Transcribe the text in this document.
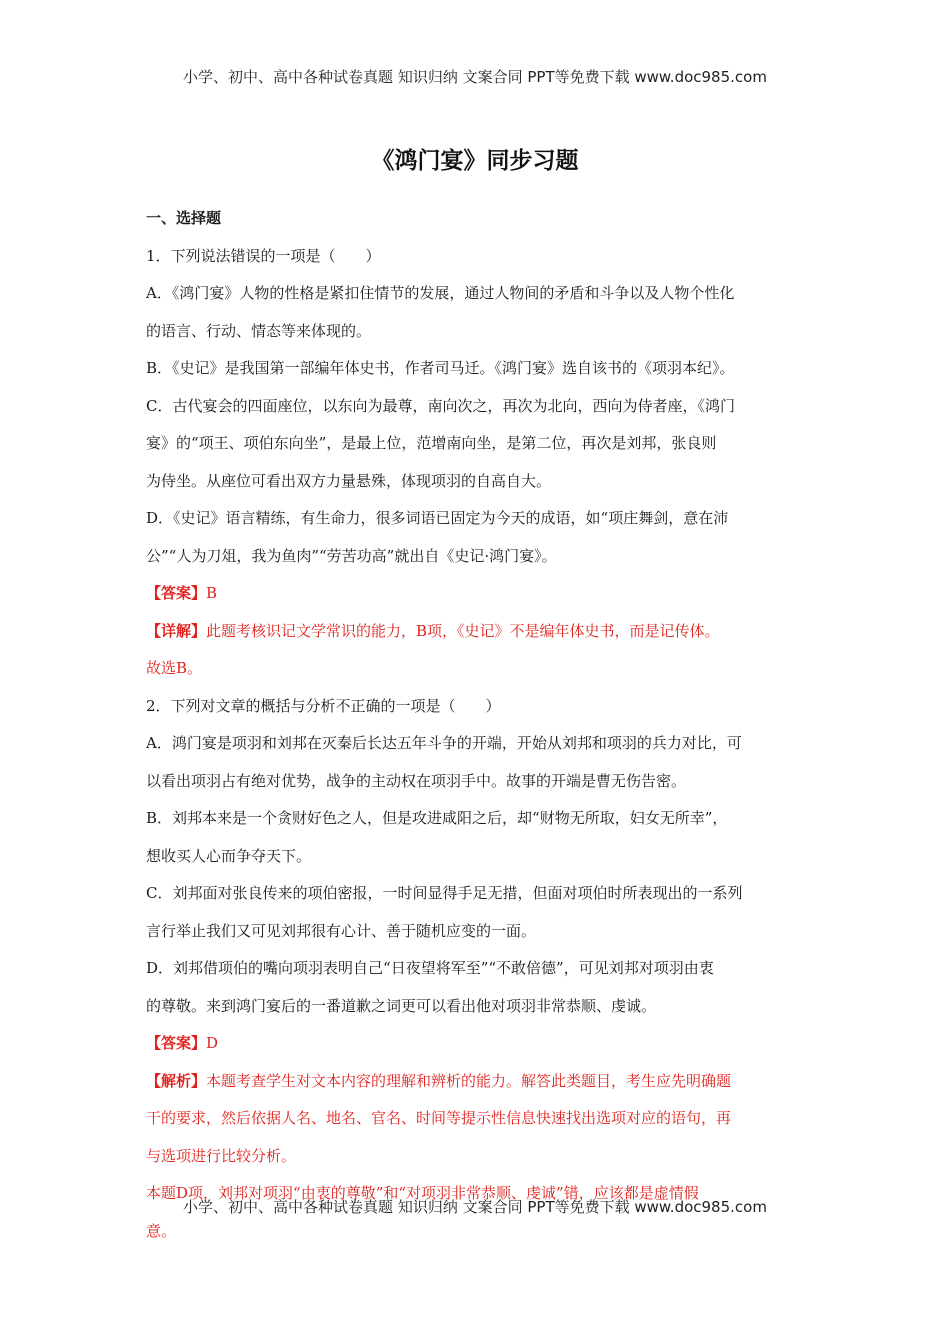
小学、初中、高中各种试卷真题 知识归纳 文案合同 PPT等免费下载 www.doc985.com
《鸿门宴》同步习题
一、选择题
1．下列说法错误的一项是（　　）
A．《鸿门宴》人物的性格是紧扣住情节的发展，通过人物间的矛盾和斗争以及人物个性化
的语言、行动、情态等来体现的。
B．《史记》是我国第一部编年体史书，作者司马迁。《鸿门宴》选自该书的《项羽本纪》。
C．古代宴会的四面座位，以东向为最尊，南向次之，再次为北向，西向为侍者座，《鸿门
宴》的“项王、项伯东向坐”，是最上位，范增南向坐，是第二位，再次是刘邦，张良则
为侍坐。从座位可看出双方力量悬殊，体现项羽的自高自大。
D．《史记》语言精练，有生命力，很多词语已固定为今天的成语，如“项庄舞剑，意在沛
公”“人为刀俎，我为鱼肉”“劳苦功高”就出自《史记·鸿门宴》。
【答案】B
【详解】此题考核识记文学常识的能力，B项，《史记》不是编年体史书，而是记传体。
故选B。
2．下列对文章的概括与分析不正确的一项是（　　）
A．鸿门宴是项羽和刘邦在灭秦后长达五年斗争的开端，开始从刘邦和项羽的兵力对比，可
以看出项羽占有绝对优势，战争的主动权在项羽手中。故事的开端是曹无伤告密。
B．刘邦本来是一个贪财好色之人，但是攻进咸阳之后，却“财物无所取，妇女无所幸”，
想收买人心而争夺天下。
C．刘邦面对张良传来的项伯密报，一时间显得手足无措，但面对项伯时所表现出的一系列
言行举止我们又可见刘邦很有心计、善于随机应变的一面。
D．刘邦借项伯的嘴向项羽表明自己“日夜望将军至”“不敢倍德”，可见刘邦对项羽由衷
的尊敬。来到鸿门宴后的一番道歉之词更可以看出他对项羽非常恭顺、虔诚。
【答案】D
【解析】本题考查学生对文本内容的理解和辨析的能力。解答此类题目，考生应先明确题
干的要求，然后依据人名、地名、官名、时间等提示性信息快速找出选项对应的语句，再
与选项进行比较分析。
本题D项，刘邦对项羽“由衷的尊敬”和“对项羽非常恭顺、虔诚”错，应该都是虚情假
意。
小学、初中、高中各种试卷真题 知识归纳 文案合同 PPT等免费下载 www.doc985.com
